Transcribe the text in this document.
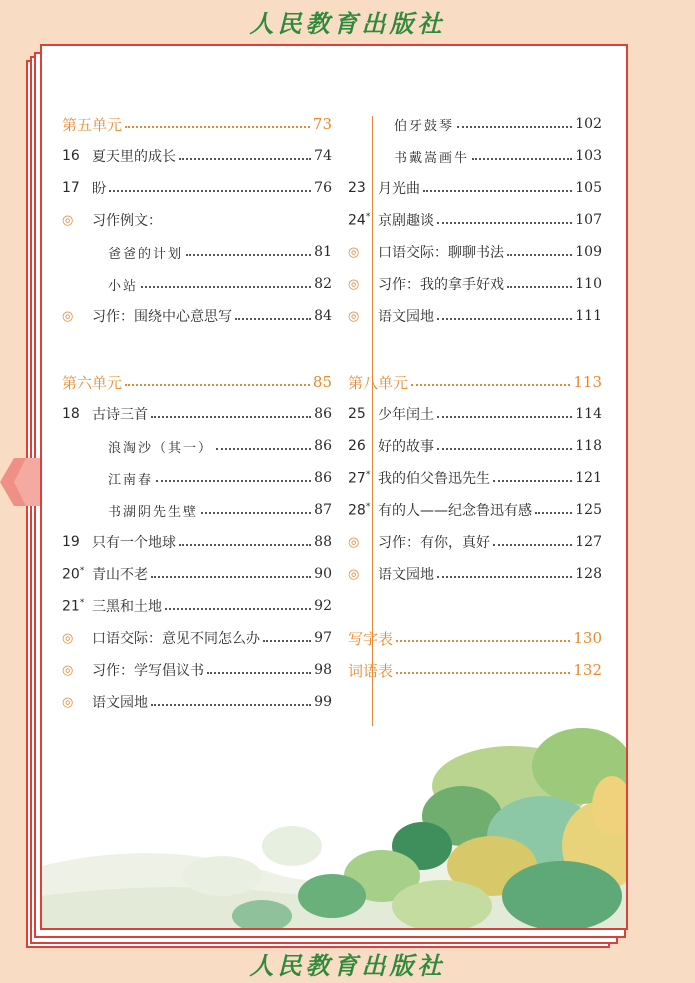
人民教育出版社
第五单元	73
16 夏天里的成长	74
17 盼	76
◎	习作例文：
爸爸的计划	81
小站	82
◎	习作：围绕中心意思写	84
第六单元	85
18 古诗三首	86
浪淘沙（其一）	86
江南春	86
书湖阴先生壁	87
19 只有一个地球	88
20* 青山不老	90
21* 三黑和土地	92
◎	口语交际：意见不同怎么办	97
◎	习作：学写倡议书	98
◎	语文园地	99
伯牙鼓琴	102
书戴嵩画牛	103
23 月光曲	105
24* 京剧趣谈	107
◎	口语交际：聊聊书法	109
◎	习作：我的拿手好戏	110
◎	语文园地	111
第八单元	113
25 少年闰土	114
26 好的故事	118
27* 我的伯父鲁迅先生	121
28* 有的人——纪念鲁迅有感	125
◎	习作：有你，真好	127
◎	语文园地	128
写字表	130
词语表	132
人民教育出版社
